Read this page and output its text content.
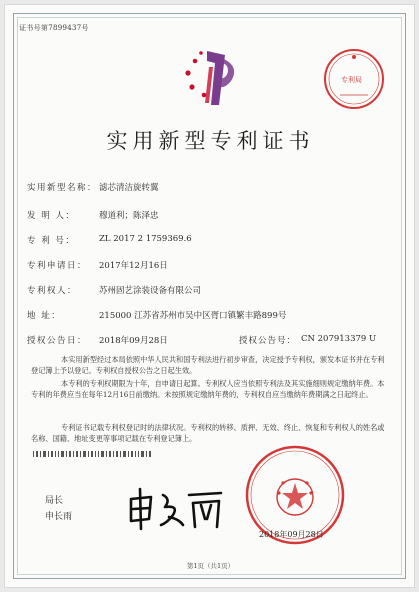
证书号第7899437号
专利局
实用新型专利证书
实用新型名称： 滤芯清洁旋转翼
发 明 人：	穆道利；陈泽忠
专 利 号：	ZL 2017 2 1759369.6
专利申请日： 2017年12月16日
专利权人：	苏州固艺涂装设备有限公司
地 址：	215000 江苏省苏州市吴中区胥口镇繁丰路899号
授权公告日： 2018年09月28日	授权公告号： CN 207913379 U
本实用新型经过本局依照中华人民共和国专利法进行初步审查，决定授予专利权，颁发本证书并在专利登记簿上予以登记。专利权自授权公告之日起生效。
本专利的专利权期限为十年，自申请日起算。专利权人应当依照专利法及其实施细则规定缴纳年费。本专利的年费应当在每年12月16日前缴纳。未按照规定缴纳年费的，专利权自应当缴纳年费期满之日起终止。
专利证书记载专利权登记时的法律状况。专利权的转移、质押、无效、终止、恢复和专利权人的姓名或名称、国籍、地址变更等事项记载在专利登记簿上。
局长
申长雨
2018年09月28日
第1页（共1页）
